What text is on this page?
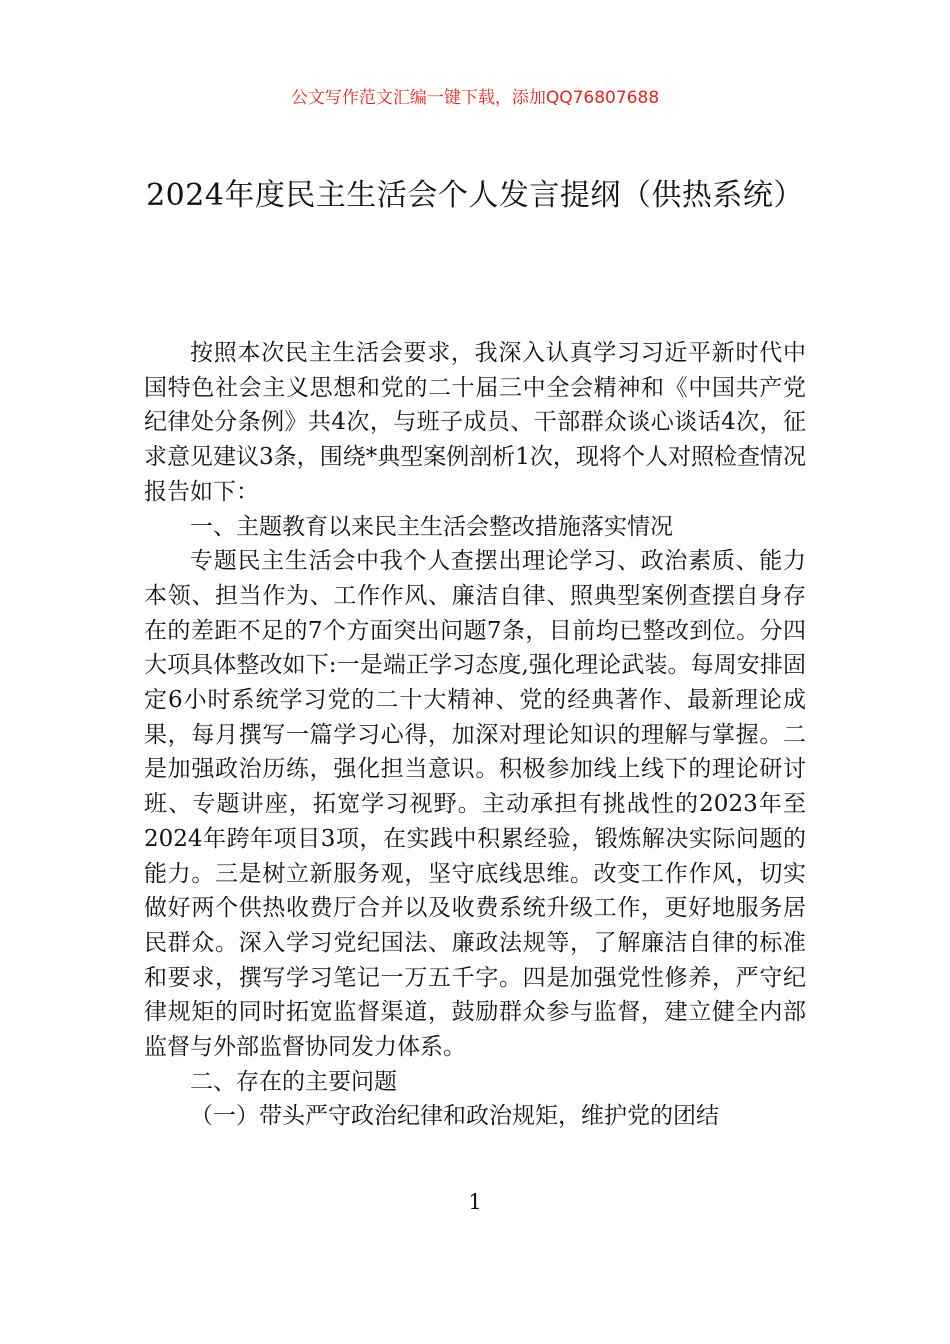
公文写作范文汇编一键下载，添加QQ76807688
2024年度民主生活会个人发言提纲（供热系统）

按照本次民主生活会要求，我深入认真学习习近平新时代中国特色社会主义思想和党的二十届三中全会精神和《中国共产党纪律处分条例》共4次，与班子成员、干部群众谈心谈话4次，征求意见建议3条，围绕*典型案例剖析1次，现将个人对照检查情况报告如下：

一、主题教育以来民主生活会整改措施落实情况

专题民主生活会中我个人查摆出理论学习、政治素质、能力本领、担当作为、工作作风、廉洁自律、照典型案例查摆自身存在的差距不足的7个方面突出问题7条，目前均已整改到位。分四大项具体整改如下:一是端正学习态度,强化理论武装。每周安排固定6小时系统学习党的二十大精神、党的经典著作、最新理论成果，每月撰写一篇学习心得，加深对理论知识的理解与掌握。二是加强政治历练，强化担当意识。积极参加线上线下的理论研讨班、专题讲座，拓宽学习视野。主动承担有挑战性的2023年至2024年跨年项目3项，在实践中积累经验，锻炼解决实际问题的能力。三是树立新服务观，坚守底线思维。改变工作作风，切实做好两个供热收费厅合并以及收费系统升级工作，更好地服务居民群众。深入学习党纪国法、廉政法规等，了解廉洁自律的标准和要求，撰写学习笔记一万五千字。四是加强党性修养，严守纪律规矩的同时拓宽监督渠道，鼓励群众参与监督，建立健全内部监督与外部监督协同发力体系。

二、存在的主要问题

（一）带头严守政治纪律和政治规矩，维护党的团结

1
